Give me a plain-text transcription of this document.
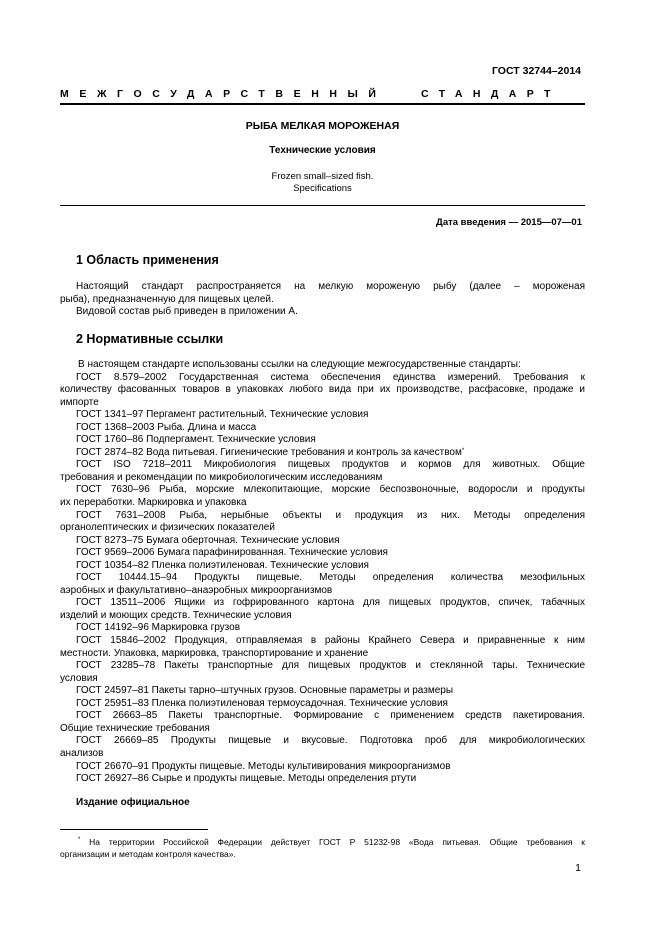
ГОСТ 32744–2014
МЕЖГОСУДАРСТВЕННЫЙ	СТАНДАРТ
РЫБА МЕЛКАЯ МОРОЖЕНАЯ
Технические условия
Frozen small–sized fish.
Specifications
Дата введения — 2015—07—01
1 Область применения

Настоящий стандарт распространяется на мелкую мороженую рыбу (далее – мороженая

рыба), предназначенную для пищевых целей.

Видовой состав рыб приведен в приложении А.

2 Нормативные ссылки

В настоящем стандарте использованы ссылки на следующие межгосударственные стандарты:

ГОСТ 8.579–2002 Государственная система обеспечения единства измерений. Требования к
количеству фасованных товаров в упаковках любого вида при их производстве, расфасовке, продаже и импорте
ГОСТ 1341–97 Пергамент растительный. Технические условия
ГОСТ 1368–2003 Рыба. Длина и масса
ГОСТ 1760–86 Подпергамент. Технические условия
ГОСТ 2874–82 Вода питьевая. Гигиенические требования и контроль за качеством*
ГОСТ ISO 7218–2011 Микробиология пищевых продуктов и кормов для животных. Общие
требования и рекомендации по микробиологическим исследованиям
ГОСТ 7630–96 Рыба, морские млекопитающие, морские беспозвоночные, водоросли и продукты
их переработки. Маркировка и упаковка
ГОСТ 7631–2008 Рыба, нерыбные объекты и продукция из них. Методы определения
органолептических и физических показателей
ГОСТ 8273–75 Бумага оберточная. Технические условия
ГОСТ 9569–2006 Бумага парафинированная. Технические условия
ГОСТ 10354–82 Пленка полиэтиленовая. Технические условия
ГОСТ 10444.15–94 Продукты пищевые. Методы определения количества мезофильных
аэробных и факультативно–анаэробных микроорганизмов
ГОСТ 13511–2006 Ящики из гофрированного картона для пищевых продуктов, спичек, табачных
изделий и моющих средств. Технические условия
ГОСТ 14192–96 Маркировка грузов
ГОСТ 15846–2002 Продукция, отправляемая в районы Крайнего Севера и приравненные к ним
местности. Упаковка, маркировка, транспортирование и хранение
ГОСТ 23285–78 Пакеты транспортные для пищевых продуктов и стеклянной тары. Технические
условия
ГОСТ 24597–81 Пакеты тарно–штучных грузов. Основные параметры и размеры
ГОСТ 25951–83 Пленка полиэтиленовая термоусадочная. Технические условия
ГОСТ 26663–85 Пакеты транспортные. Формирование с применением средств пакетирования.
Общие технические требования
ГОСТ 26669–85 Продукты пищевые и вкусовые. Подготовка проб для микробиологических
анализов
ГОСТ 26670–91 Продукты пищевые. Методы культивирования микроорганизмов
ГОСТ 26927–86 Сырье и продукты пищевые. Методы определения ртути
Издание официальное
* На территории Российской Федерации действует ГОСТ Р 51232-98 «Вода питьевая. Общие требования к
организации и методам контроля качества».
1
